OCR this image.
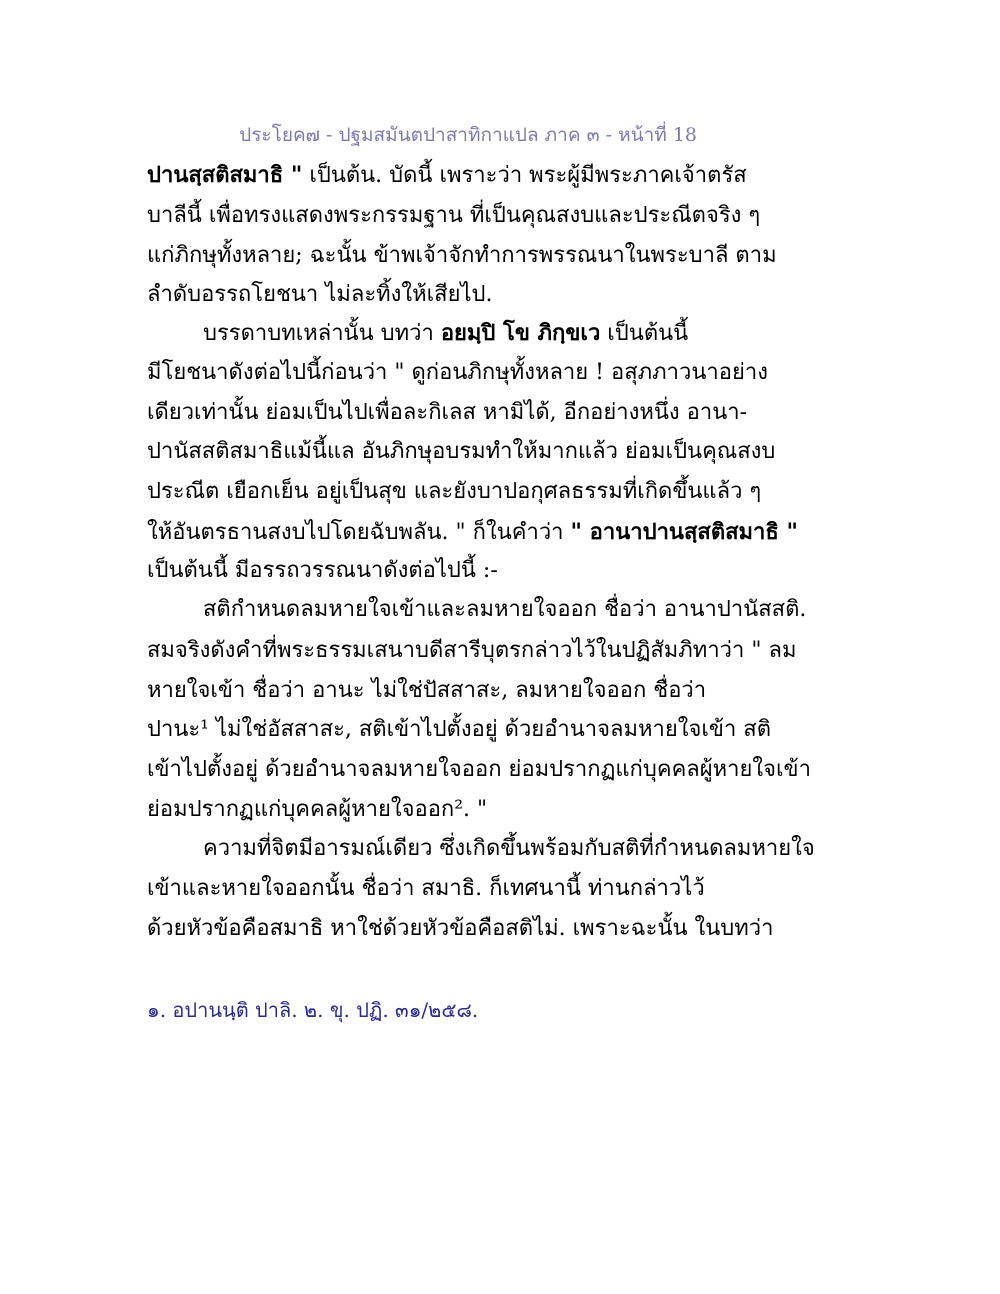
ประโยค๗ - ปฐมสมันตปาสาทิกาแปล ภาค ๓ - หน้าที่ 18
ปานสฺสติสมาธิ " เป็นต้น. บัดนี้ เพราะว่า พระผู้มีพระภาคเจ้าตรัส
บาลีนี้ เพื่อทรงแสดงพระกรรมฐาน ที่เป็นคุณสงบและประณีตจริง ๆ
แก่ภิกษุทั้งหลาย; ฉะนั้น ข้าพเจ้าจักทำการพรรณนาในพระบาลี ตาม
ลำดับอรรถโยชนา ไม่ละทิ้งให้เสียไป.
บรรดาบทเหล่านั้น บทว่า อยมฺปิ โข ภิกฺขเว เป็นต้นนี้
มีโยชนาดังต่อไปนี้ก่อนว่า " ดูก่อนภิกษุทั้งหลาย ! อสุภภาวนาอย่าง
เดียวเท่านั้น ย่อมเป็นไปเพื่อละกิเลส หามิได้, อีกอย่างหนึ่ง อานา-
ปานัสสติสมาธิแม้นี้แล อันภิกษุอบรมทำให้มากแล้ว ย่อมเป็นคุณสงบ
ประณีต เยือกเย็น อยู่เป็นสุข และยังบาปอกุศลธรรมที่เกิดขึ้นแล้ว ๆ
ให้อันตรธานสงบไปโดยฉับพลัน. " ก็ในคำว่า " อานาปานสฺสติสมาธิ "
เป็นต้นนี้ มีอรรถวรรณนาดังต่อไปนี้ :-
สติกำหนดลมหายใจเข้าและลมหายใจออก ชื่อว่า อานาปานัสสติ.
สมจริงดังคำที่พระธรรมเสนาบดีสารีบุตรกล่าวไว้ในปฏิสัมภิทาว่า " ลม
หายใจเข้า ชื่อว่า อานะ ไม่ใช่ปัสสาสะ, ลมหายใจออก ชื่อว่า
ปานะ¹ ไม่ใช่อัสสาสะ, สติเข้าไปตั้งอยู่ ด้วยอำนาจลมหายใจเข้า สติ
เข้าไปตั้งอยู่ ด้วยอำนาจลมหายใจออก ย่อมปรากฏแก่บุคคลผู้หายใจเข้า
ย่อมปรากฏแก่บุคคลผู้หายใจออก². "
ความที่จิตมีอารมณ์เดียว ซึ่งเกิดขึ้นพร้อมกับสติที่กำหนดลมหายใจ
เข้าและหายใจออกนั้น ชื่อว่า สมาธิ. ก็เทศนานี้ ท่านกล่าวไว้
ด้วยหัวข้อคือสมาธิ หาใช่ด้วยหัวข้อคือสติไม่. เพราะฉะนั้น ในบทว่า
๑. อปานนฺติ ปาลิ. ๒. ขุ. ปฏิ. ๓๑/๒๕๘.
